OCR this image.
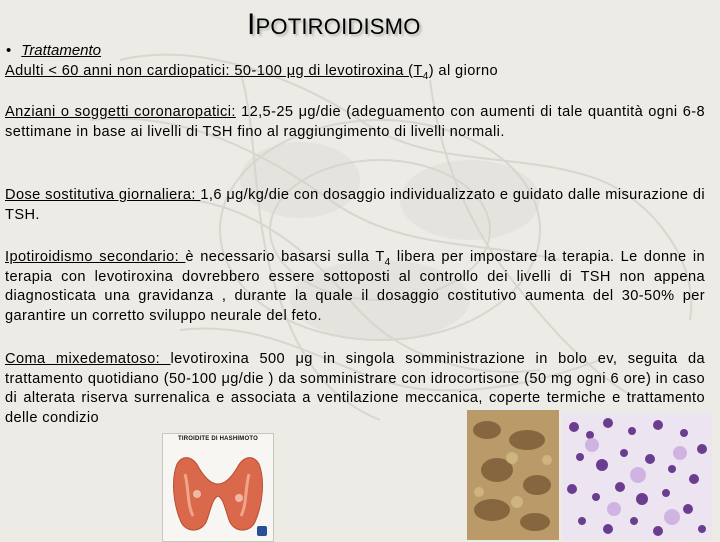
IPOTIROIDISMO
• Trattamento
Adulti < 60 anni non cardiopatici: 50-100 μg di levotiroxina $(T_4)$ al giorno
Anziani o soggetti coronaropatici: 12,5-25 μg/die (adeguamento con aumenti di tale quantità ogni 6-8 settimane in base ai livelli di TSH fino al raggiungimento di livelli normali.
Dose sostitutiva giornaliera: 1,6 μg/kg/die con dosaggio individualizzato e guidato dalle misurazione di TSH.
Ipotiroidismo secondario: è necessario basarsi sulla $T_4$ libera per impostare la terapia. Le donne in terapia con levotiroxina dovrebbero essere sottoposti al controllo dei livelli di TSH non appena diagnosticata una gravidanza , durante la quale il dosaggio costitutivo aumenta del 30-50% per garantire un corretto sviluppo neurale del feto.
Coma mixedematoso: levotiroxina 500 μg in singola somministrazione in bolo ev, seguita da trattamento quotidiano (50-100 μg/die ) da somministrare con idrocortisone (50 mg ogni 6 ore) in caso di alterata riserva surrenalica e associata a ventilazione meccanica, coperte termiche e trattamento delle condizio
TIROIDITE DI HASHIMOTO
